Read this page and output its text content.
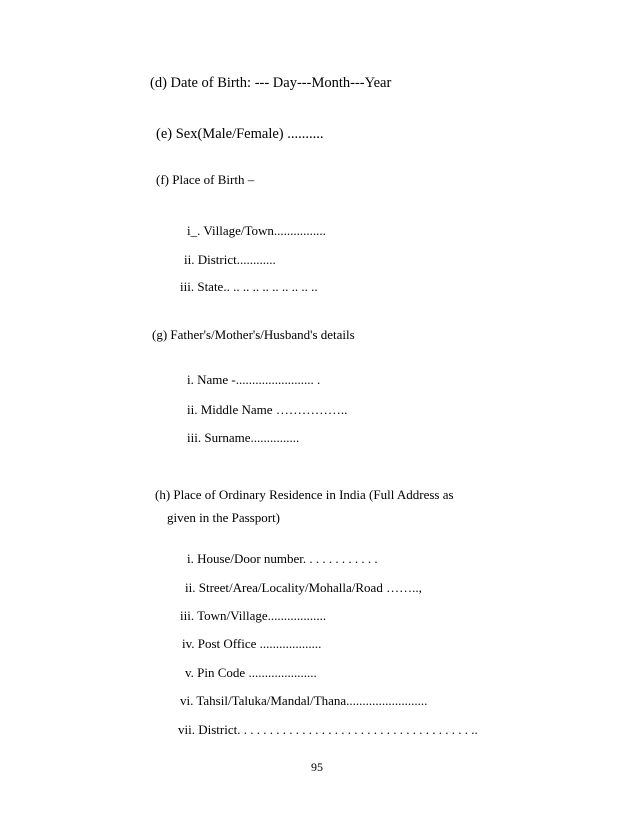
(d) Date of Birth: --- Day---Month---Year
(e) Sex(Male/Female) ..........
(f) Place of Birth –
i_. Village/Town................
ii. District............
iii. State.. .. .. .. .. .. .. .. .. ..
(g) Father's/Mother's/Husband's details
i. Name -........................ .
ii. Middle Name ……………..
iii. Surname...............
(h) Place of Ordinary Residence in India (Full Address as
given in the Passport)
i. House/Door number. . . . . . . . . . . .
ii. Street/Area/Locality/Mohalla/Road ……..,
iii. Town/Village..................
iv. Post Office ...................
v. Pin Code .....................
vi. Tahsil/Taluka/Mandal/Thana.........................
vii. District. . . . . . . . . . . . . . . . . . . . . . . . . . . . . . . . . . . . ..
95
